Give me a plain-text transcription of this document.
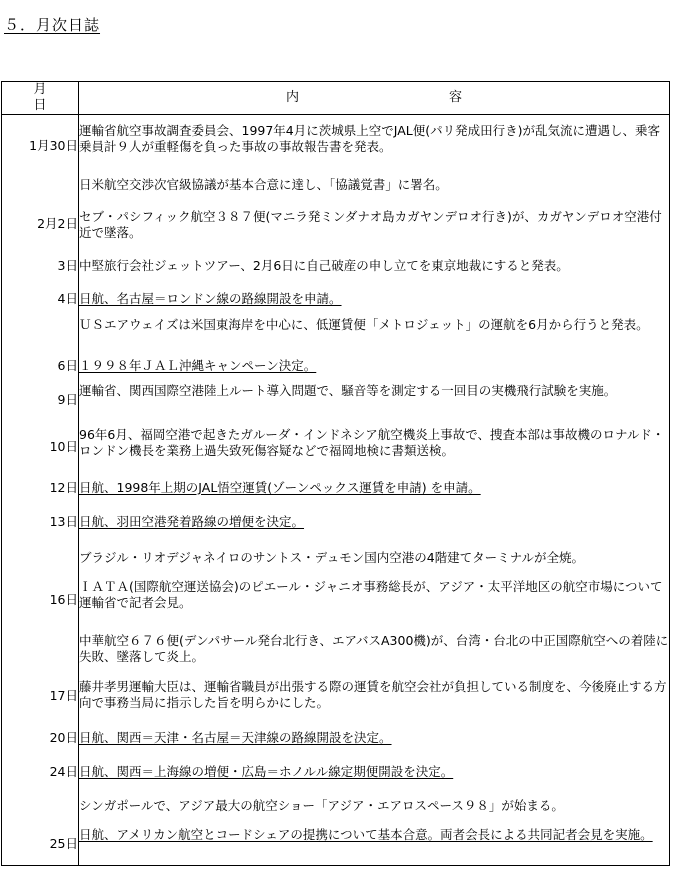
５．月次日誌
月日	内容
1月30日	運輸省航空事故調査委員会、1997年4月に茨城県上空でJAL便(パリ発成田行き)が乱気流に遭遇し、乗客乗員計９人が重軽傷を負った事故の事故報告書を発表。

	日米航空交渉次官級協議が基本合意に達し、「協議覚書」に署名。

2月2日	セブ・パシフィック航空３８７便(マニラ発ミンダナオ島カガヤンデロオ行き)が、カガヤンデロオ空港付近で墜落。

3日	中堅旅行会社ジェットツアー、2月6日に自己破産の申し立てを東京地裁にすると発表。

4日	日航、名古屋＝ロンドン線の路線開設を申請。

	ＵＳエアウェイズは米国東海岸を中心に、低運賃便「メトロジェット」の運航を6月から行うと発表。

6日	１９９８年ＪＡＬ沖縄キャンペーン決定。

9日	運輸省、関西国際空港陸上ルート導入問題で、騒音等を測定する一回目の実機飛行試験を実施。

10日	96年6月、福岡空港で起きたガルーダ・インドネシア航空機炎上事故で、捜査本部は事故機のロナルド・ロンドン機長を業務上過失致死傷容疑などで福岡地検に書類送検。

12日	日航、1998年上期のJAL悟空運賃(ゾーンペックス運賃を申請) を申請。

13日	日航、羽田空港発着路線の増便を決定。

	ブラジル・リオデジャネイロのサントス・デュモン国内空港の4階建てターミナルが全焼。

16日	ＩＡＴＡ(国際航空運送協会)のピエール・ジャニオ事務総長が、アジア・太平洋地区の航空市場について運輸省で記者会見。

	中華航空６７６便(デンパサール発台北行き、エアバスA300機)が、台湾・台北の中正国際航空への着陸に失敗、墜落して炎上。

17日	藤井孝男運輸大臣は、運輸省職員が出張する際の運賃を航空会社が負担している制度を、今後廃止する方向で事務当局に指示した旨を明らかにした。

20日	日航、関西＝天津・名古屋＝天津線の路線開設を決定。

24日	日航、関西＝上海線の増便・広島＝ホノルル線定期便開設を決定。

	シンガポールで、アジア最大の航空ショー「アジア・エアロスペース９８」が始まる。

25日	日航、アメリカン航空とコードシェアの提携について基本合意。両者会長による共同記者会見を実施。
